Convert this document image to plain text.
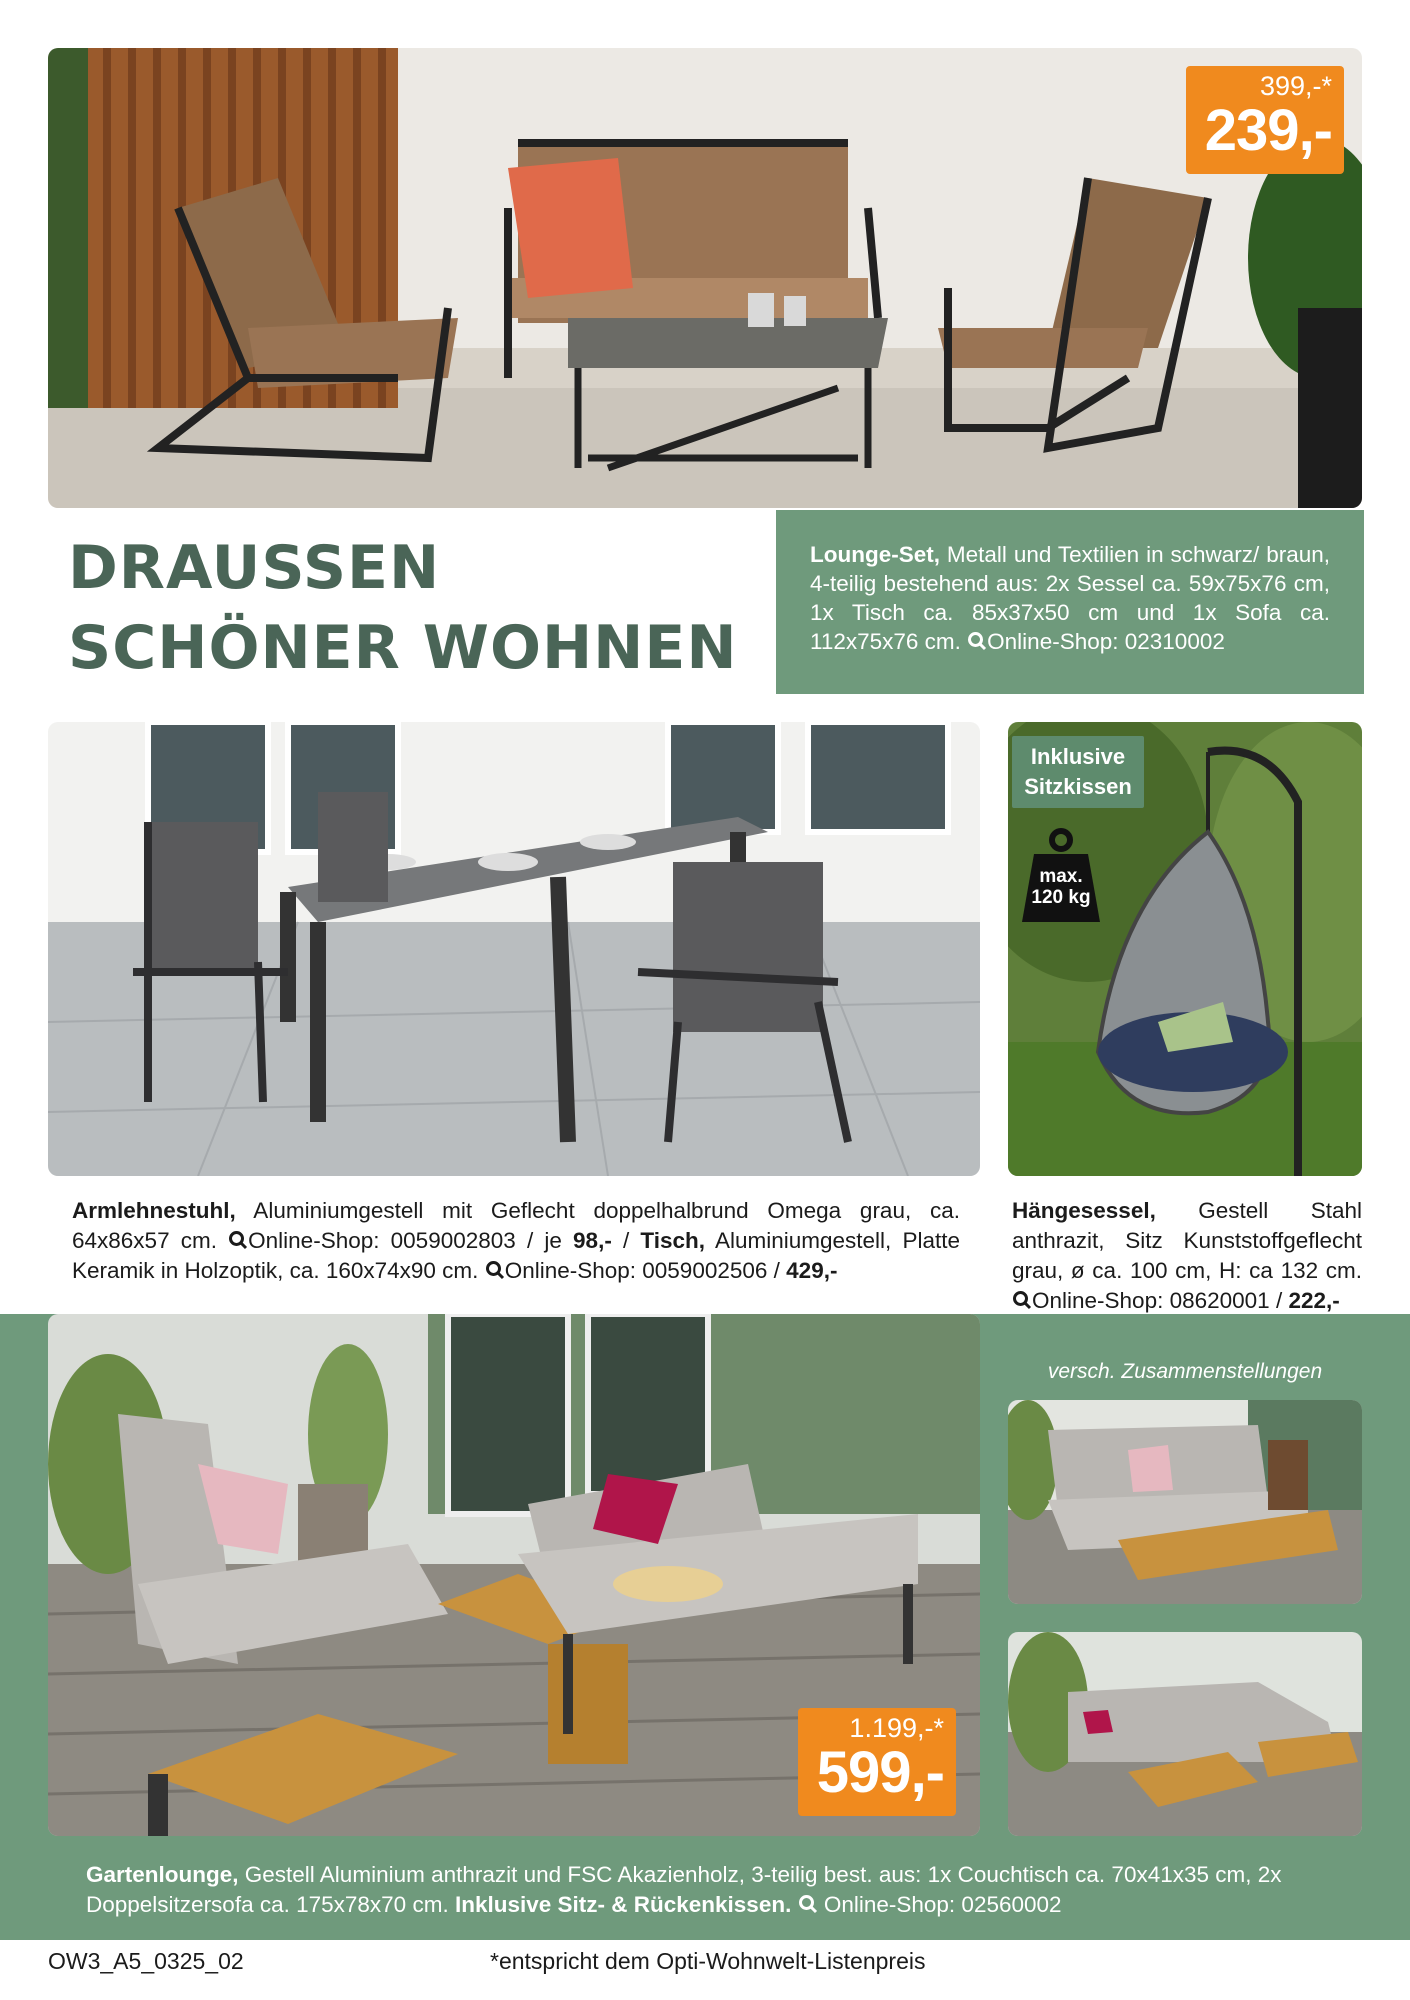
399,-*
239,-
DRAUSSEN
SCHÖNER WOHNEN
Lounge-Set, Metall und Textilien in schwarz/ braun, 4-teilig bestehend aus: 2x Sessel ca. 59x75x76 cm, 1x Tisch ca. 85x37x50 cm und 1x Sofa ca. 112x75x76 cm. Online-Shop: 02310002
Inklusive Sitzkissen
max.
120 kg
Armlehnestuhl, Aluminiumgestell mit Geflecht doppelhalbrund Omega grau, ca. 64x86x57 cm. Online-Shop: 0059002803 / je 98,- / Tisch, Aluminiumgestell, Platte Keramik in Holzoptik, ca. 160x74x90 cm. Online-Shop: 0059002506 / 429,-
Hängesessel, Gestell Stahl anthrazit, Sitz Kunststoffgeflecht grau, ø ca. 100 cm, H: ca 132 cm. Online-Shop: 08620001 / 222,-
versch. Zusammenstellungen
1.199,-*
599,-
Gartenlounge, Gestell Aluminium anthrazit und FSC Akazienholz, 3-teilig best. aus: 1x Couchtisch ca. 70x41x35 cm, 2x Doppelsitzersofa ca. 175x78x70 cm. Inklusive Sitz- & Rückenkissen.  Online-Shop: 02560002
OW3_A5_0325_02	*entspricht dem Opti-Wohnwelt-Listenpreis
